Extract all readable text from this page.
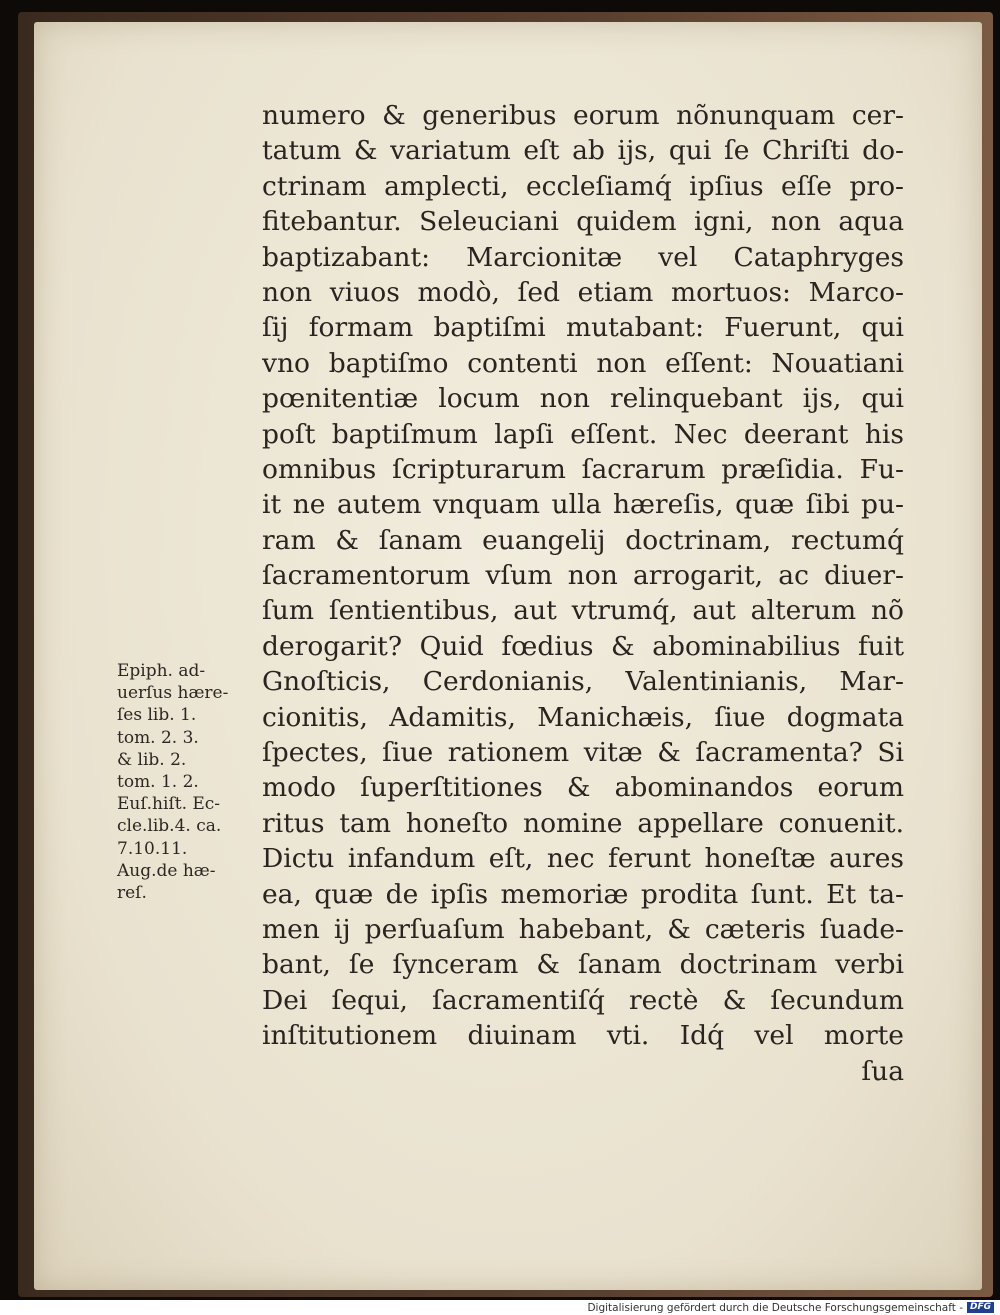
numero & generibus eorum nõnunquam cer-
tatum & variatum eſt ab ijs, qui ſe Chriſti do-
ctrinam amplecti, eccleſiamq́ ipſius eſſe pro-
fitebantur. Seleuciani quidem igni, non aqua
baptizabant: Marcionitæ vel Cataphryges
non viuos modò, ſed etiam mortuos: Marco-
ſij formam baptiſmi mutabant: Fuerunt, qui
vno baptiſmo contenti non eſſent: Nouatiani
pœnitentiæ locum non relinquebant ijs, qui
poſt baptiſmum lapſi eſſent. Nec deerant his
omnibus ſcripturarum ſacrarum præſidia. Fu-
it ne autem vnquam ulla hæreſis, quæ ſibi pu-
ram & ſanam euangelij doctrinam, rectumq́
ſacramentorum vſum non arrogarit, ac diuer-
ſum ſentientibus, aut vtrumq́, aut alterum nõ
derogarit? Quid fœdius & abominabilius fuit
Gnoſticis, Cerdonianis, Valentinianis, Mar-
cionitis, Adamitis, Manichæis, ſiue dogmata
ſpectes, ſiue rationem vitæ & ſacramenta? Si
modo ſuperſtitiones & abominandos eorum
ritus tam honeſto nomine appellare conuenit.
Dictu infandum eſt, nec ferunt honeſtæ aures
ea, quæ de ipſis memoriæ prodita ſunt. Et ta-
men ij perſuaſum habebant, & cæteris ſuade-
bant, ſe ſynceram & ſanam doctrinam verbi
Dei ſequi, ſacramentiſq́ rectè & ſecundum
inſtitutionem diuinam vti. Idq́ vel morte
ſua
Epiph. ad-
uerſus hære-
ſes lib. 1.
tom. 2. 3.
& lib. 2.
tom. 1. 2.
Euſ.hiſt. Ec-
cle.lib.4. ca.
7.10.11.
Aug.de hæ-
reſ.
Digitalisierung gefördert durch die Deutsche Forschungsgemeinschaft - DFG
